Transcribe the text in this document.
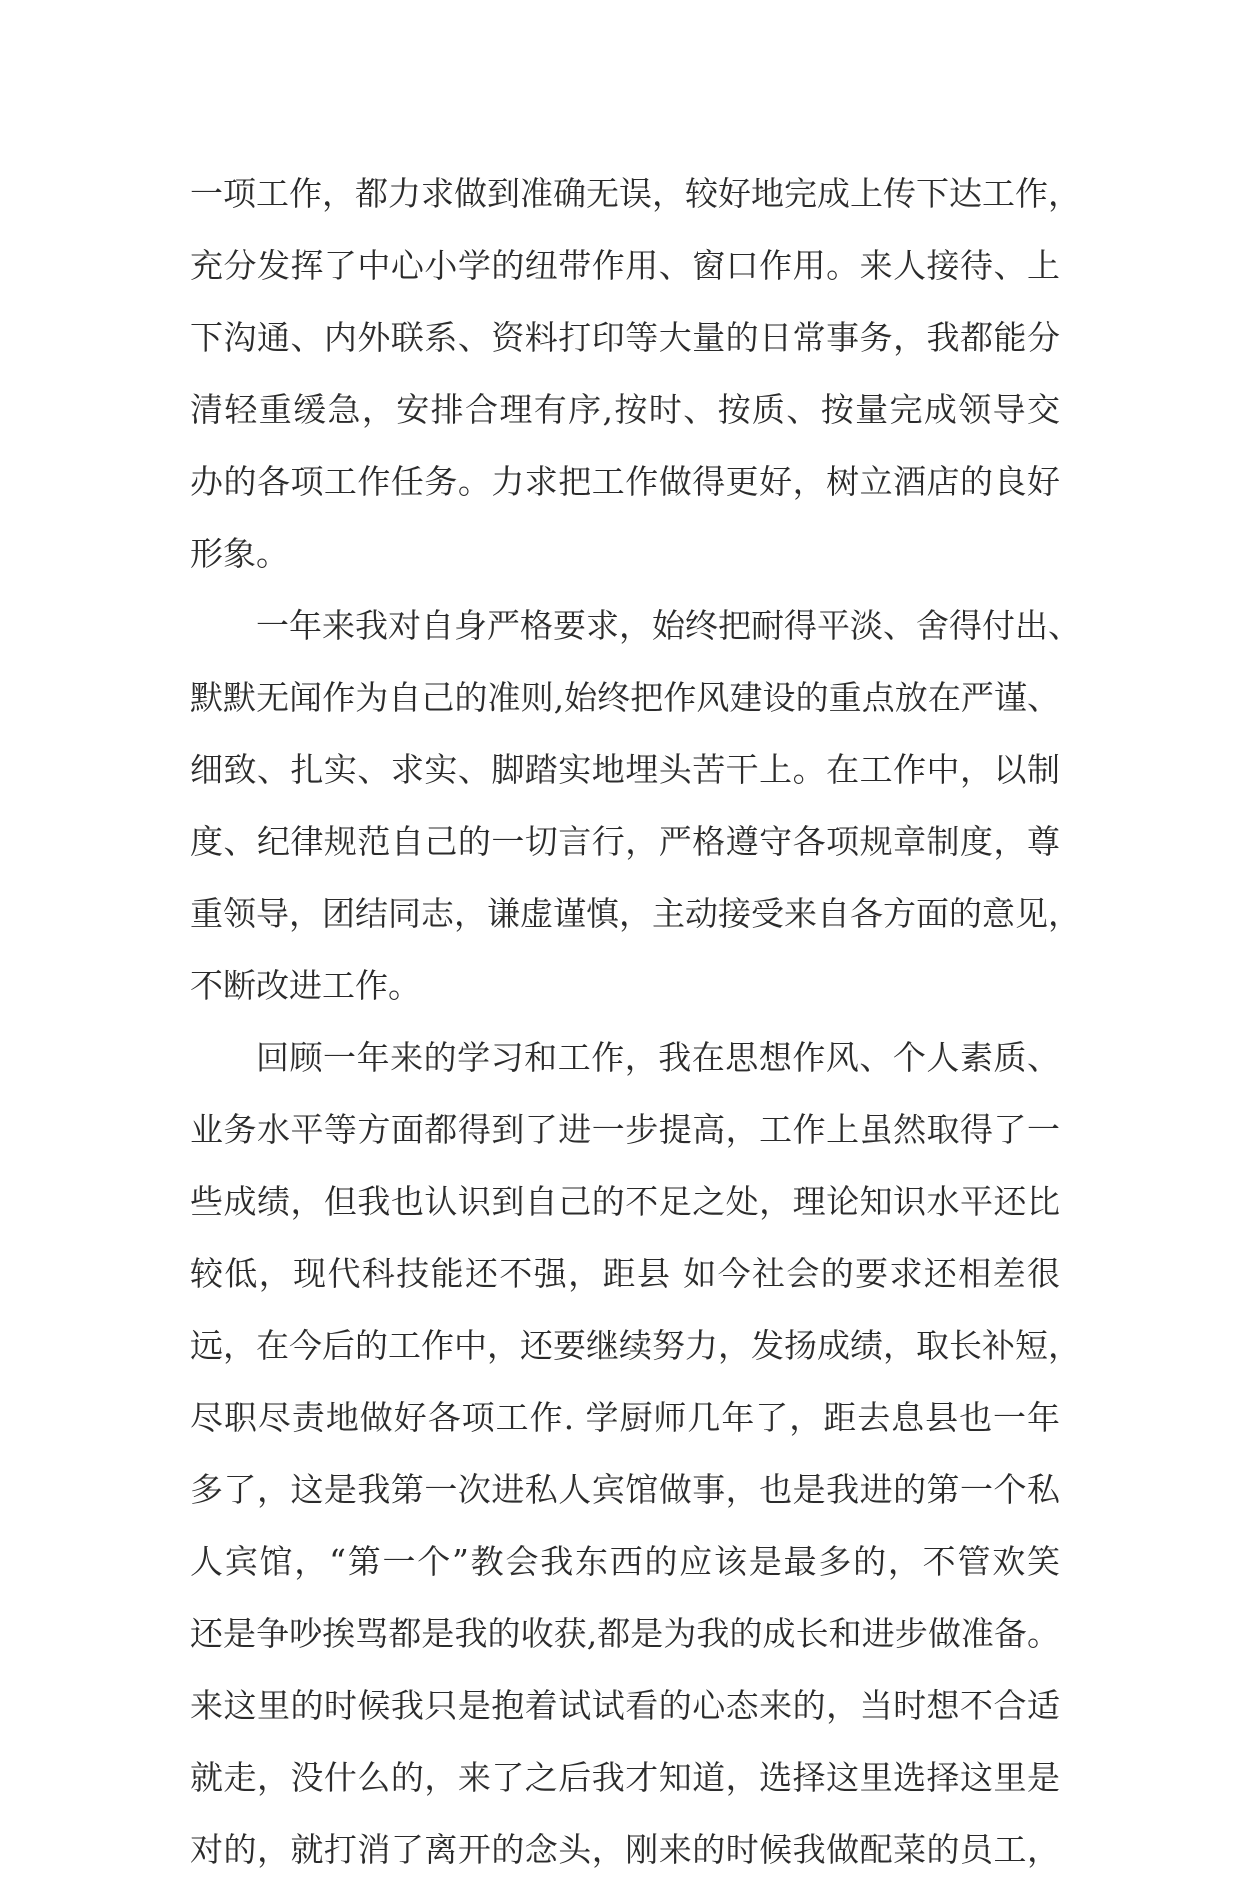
一项工作，都力求做到准确无误，较好地完成上传下达工作，
充分发挥了中心小学的纽带作用、窗口作用。来人接待、上
下沟通、内外联系、资料打印等大量的日常事务，我都能分
清轻重缓急，安排合理有序,按时、按质、按量完成领导交
办的各项工作任务。力求把工作做得更好，树立酒店的良好
形象。
一年来我对自身严格要求，始终把耐得平淡、舍得付出、
默默无闻作为自己的准则,始终把作风建设的重点放在严谨、
细致、扎实、求实、脚踏实地埋头苦干上。在工作中，以制
度、纪律规范自己的一切言行，严格遵守各项规章制度，尊
重领导，团结同志，谦虚谨慎，主动接受来自各方面的意见，
不断改进工作。
回顾一年来的学习和工作，我在思想作风、个人素质、
业务水平等方面都得到了进一步提高，工作上虽然取得了一
些成绩，但我也认识到自己的不足之处，理论知识水平还比
较低，现代科技能还不强，距县 如今社会的要求还相差很
远，在今后的工作中，还要继续努力，发扬成绩，取长补短，
尽职尽责地做好各项工作. 学厨师几年了，距去息县也一年
多了，这是我第一次进私人宾馆做事，也是我进的第一个私
人宾馆，“第一个”教会我东西的应该是最多的，不管欢笑
还是争吵挨骂都是我的收获,都是为我的成长和进步做准备。
来这里的时候我只是抱着试试看的心态来的，当时想不合适
就走，没什么的，来了之后我才知道，选择这里选择这里是
对的，就打消了离开的念头，刚来的时候我做配菜的员工，
